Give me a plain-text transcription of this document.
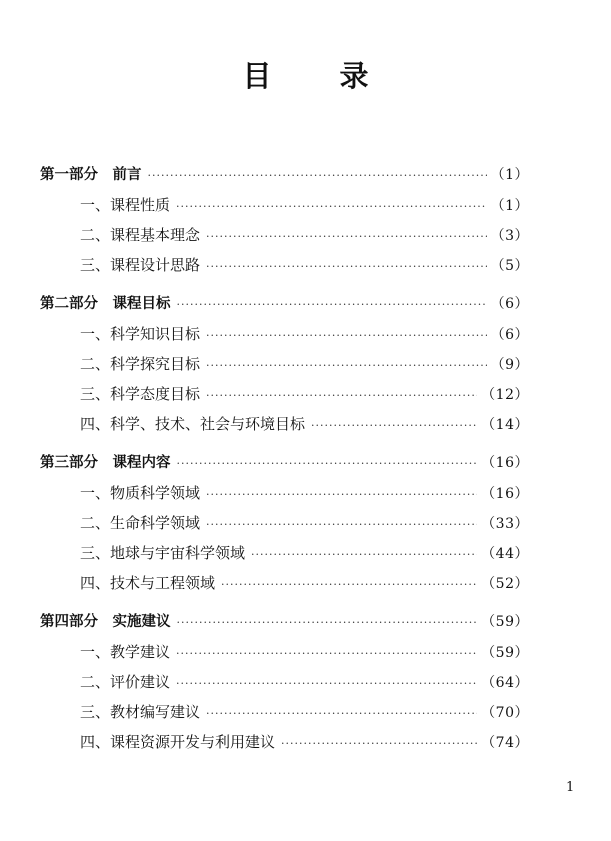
目 录
第一部分　前言 ·····	（1）
一、课程性质 ·····	（1）
二、课程基本理念 ·····	（3）
三、课程设计思路 ·····	（5）
第二部分　课程目标 ·····	（6）
一、科学知识目标 ·····	（6）
二、科学探究目标 ·····	（9）
三、科学态度目标 ·····	（12）
四、科学、技术、社会与环境目标 ·····	（14）
第三部分　课程内容 ·····	（16）
一、物质科学领域 ·····	（16）
二、生命科学领域 ·····	（33）
三、地球与宇宙科学领域 ·····	（44）
四、技术与工程领域 ·····	（52）
第四部分　实施建议 ·····	（59）
一、教学建议 ·····	（59）
二、评价建议 ·····	（64）
三、教材编写建议 ·····	（70）
四、课程资源开发与利用建议 ·····	（74）
1
